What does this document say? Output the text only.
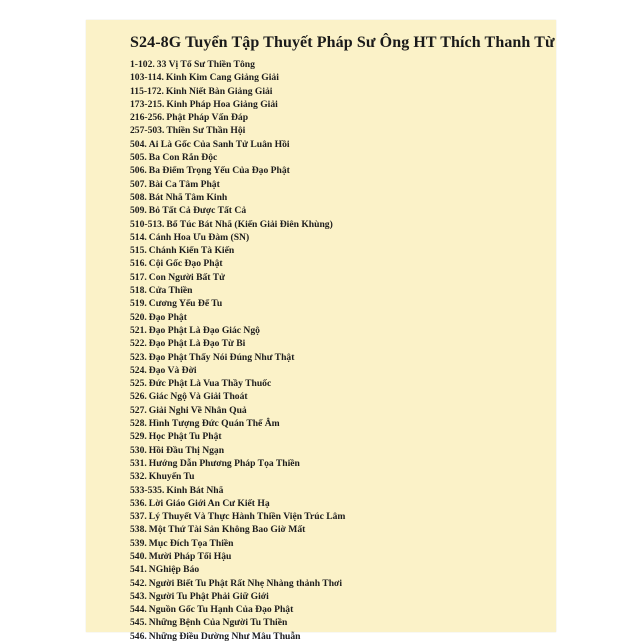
S24-8G Tuyển Tập Thuyết Pháp Sư Ông HT Thích Thanh Từ
1-102. 33 Vị Tổ Sư Thiền Tông
103-114. Kinh Kim Cang Giảng Giải
115-172. Kinh Niết Bàn Giảng Giải
173-215. Kinh Pháp Hoa Giảng Giải
216-256. Phật Pháp Vấn Đáp
257-503. Thiền Sư Thần Hội
504. Ai Là Gốc Của Sanh Tử Luân Hồi
505. Ba Con Rắn Độc
506. Ba Điểm Trọng Yếu Của Đạo Phật
507. Bài Ca Tâm Phật
508. Bát Nhã Tâm Kinh
509. Bỏ Tất Cả Được Tất Cả
510-513. Bổ Túc Bát Nhã (Kiến Giải Điên Khùng)
514. Cánh Hoa Ưu Đàm (SN)
515. Chánh Kiến Tà Kiến
516. Cội Gốc Đạo Phật
517. Con Người Bất Tử
518. Cửa Thiền
519. Cương Yếu Để Tu
520. Đạo Phật
521. Đạo Phật Là Đạo Giác Ngộ
522. Đạo Phật Là Đạo Từ Bi
523. Đạo Phật Thấy Nói Đúng Như Thật
524. Đạo Và Đời
525. Đức Phật Là Vua Thầy Thuốc
526. Giác Ngộ Và Giải Thoát
527. Giải Nghi Về Nhân Quả
528. Hình Tượng Đức Quán Thế Âm
529. Học Phật Tu Phật
530. Hồi Đầu Thị Ngạn
531. Hướng Dẫn Phương Pháp Tọa Thiền
532. Khuyến Tu
533-535. Kinh Bát Nhã
536. Lời Giáo Giới An Cư Kiết Hạ
537. Lý Thuyết Và Thực Hành Thiền Viện Trúc Lâm
538. Một Thứ Tài Sản Không Bao Giờ Mất
539. Mục Đích Tọa Thiền
540. Mười Pháp Tối Hậu
541. NGhiệp Báo
542. Người Biết Tu Phật Rất Nhẹ Nhàng thảnh Thơi
543. Người Tu Phật Phải Giữ Giới
544. Nguồn Gốc Tu Hạnh Của Đạo Phật
545. Những Bệnh Của Người Tu Thiền
546. Những Điều Dường Như Mâu Thuẫn
